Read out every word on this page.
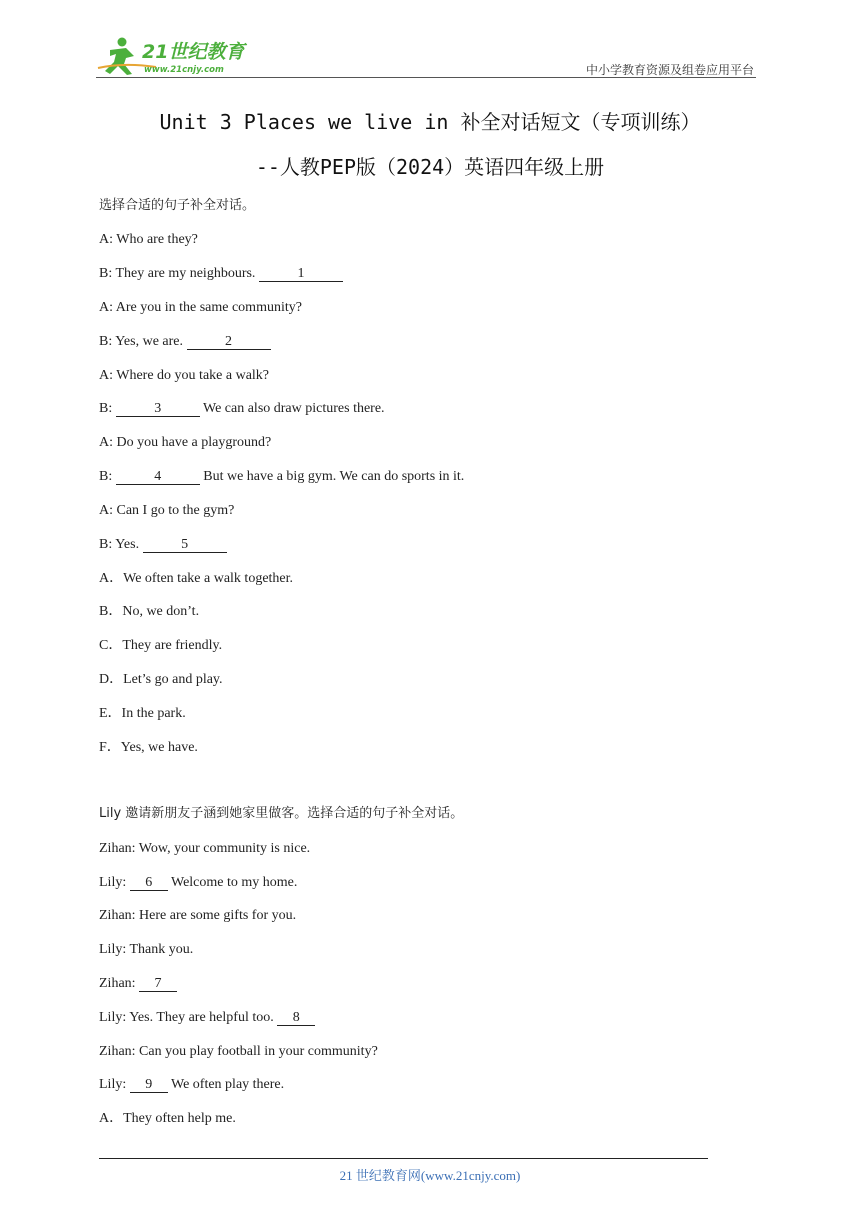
21世纪教育
www.21cnjy.com	中小学教育资源及组卷应用平台
Unit 3 Places we live in 补全对话短文（专项训练）
--人教PEP版（2024）英语四年级上册
选择合适的句子补全对话。
A: Who are they?
B: They are my neighbours.	1
A: Are you in the same community?
B: Yes, we are.	2
A: Where do you take a walk?
B:	3	We can also draw pictures there.
A: Do you have a playground?
B:	4	But we have a big gym. We can do sports in it.
A: Can I go to the gym?
B: Yes.	5
A．We often take a walk together.
B．No, we don’t.
C．They are friendly.
D．Let’s go and play.
E．In the park.
F．Yes, we have.
Lily 邀请新朋友子涵到她家里做客。选择合适的句子补全对话。
Zihan: Wow, your community is nice.
Lily: 6 Welcome to my home.
Zihan: Here are some gifts for you.
Lily: Thank you.
Zihan: 7
Lily: Yes. They are helpful too. 8
Zihan: Can you play football in your community?
Lily: 9 We often play there.
A．They often help me.
21 世纪教育网(www.21cnjy.com)
